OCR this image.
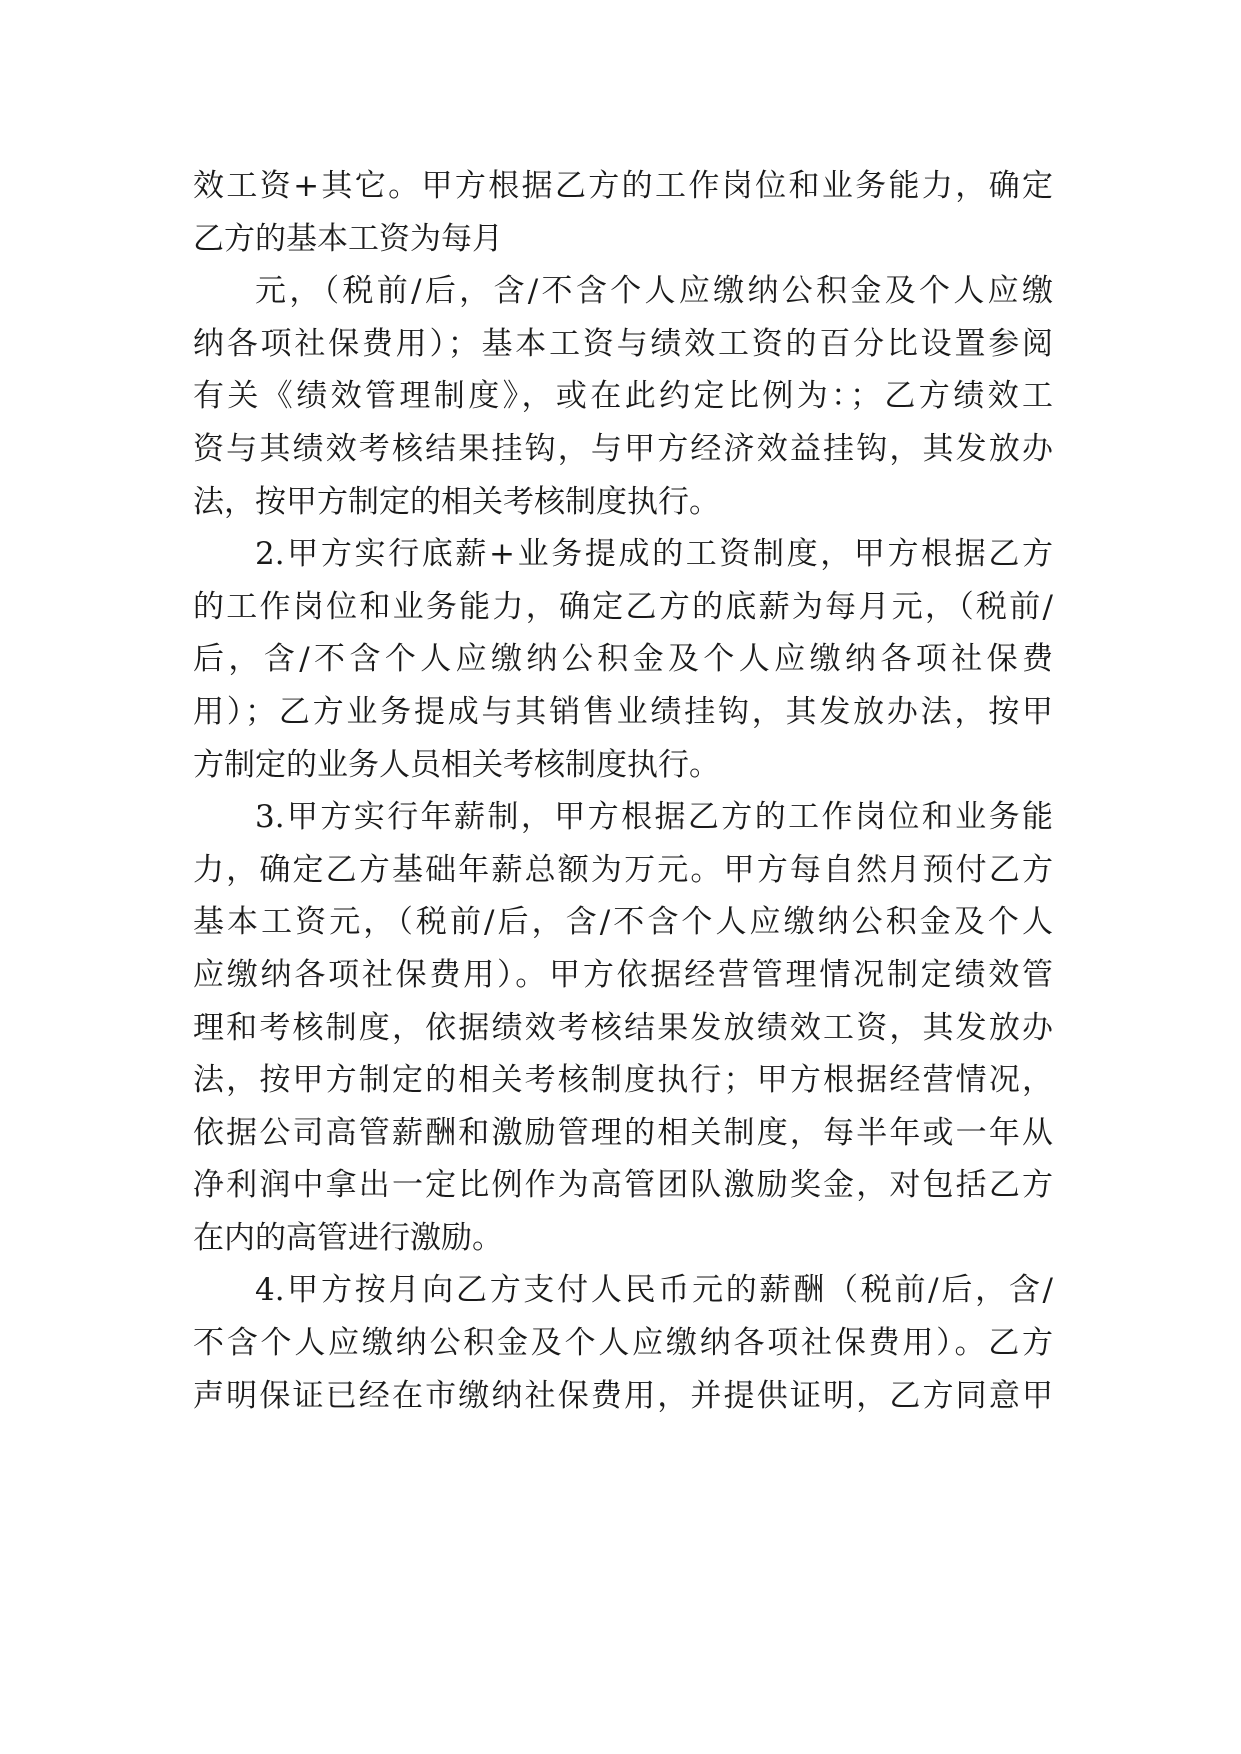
效工资+其它。甲方根据乙方的工作岗位和业务能力，确定
乙方的基本工资为每月
元，（税前/后，含/不含个人应缴纳公积金及个人应缴
纳各项社保费用）；基本工资与绩效工资的百分比设置参阅
有关《绩效管理制度》，或在此约定比例为：；乙方绩效工
资与其绩效考核结果挂钩，与甲方经济效益挂钩，其发放办
法，按甲方制定的相关考核制度执行。
2.甲方实行底薪+业务提成的工资制度，甲方根据乙方
的工作岗位和业务能力，确定乙方的底薪为每月元，（税前/
后，含/不含个人应缴纳公积金及个人应缴纳各项社保费
用）；乙方业务提成与其销售业绩挂钩，其发放办法，按甲
方制定的业务人员相关考核制度执行。
3.甲方实行年薪制，甲方根据乙方的工作岗位和业务能
力，确定乙方基础年薪总额为万元。甲方每自然月预付乙方
基本工资元，（税前/后，含/不含个人应缴纳公积金及个人
应缴纳各项社保费用）。甲方依据经营管理情况制定绩效管
理和考核制度，依据绩效考核结果发放绩效工资，其发放办
法，按甲方制定的相关考核制度执行；甲方根据经营情况，
依据公司高管薪酬和激励管理的相关制度，每半年或一年从
净利润中拿出一定比例作为高管团队激励奖金，对包括乙方
在内的高管进行激励。
4.甲方按月向乙方支付人民币元的薪酬（税前/后，含/
不含个人应缴纳公积金及个人应缴纳各项社保费用）。乙方
声明保证已经在市缴纳社保费用，并提供证明，乙方同意甲
